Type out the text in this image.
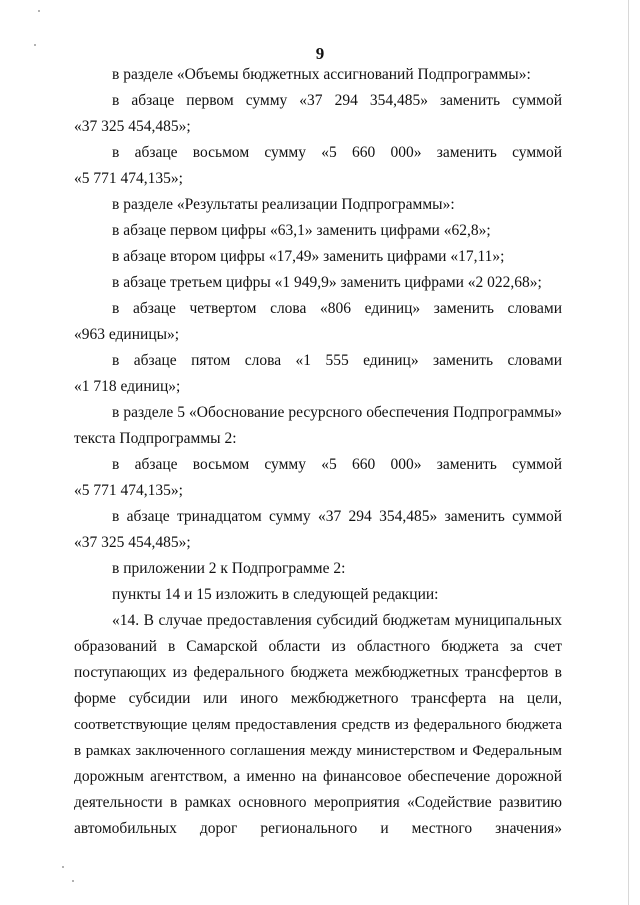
9
в разделе «Объемы бюджетных ассигнований Подпрограммы»:
в абзаце первом сумму «37 294 354,485» заменить суммой
«37 325 454,485»;
в абзаце восьмом сумму «5 660 000» заменить суммой
«5 771 474,135»;
в разделе «Результаты реализации Подпрограммы»:
в абзаце первом цифры «63,1» заменить цифрами «62,8»;
в абзаце втором цифры «17,49» заменить цифрами «17,11»;
в абзаце третьем цифры «1 949,9» заменить цифрами «2 022,68»;
в абзаце четвертом слова «806 единиц» заменить словами
«963 единицы»;
в абзаце пятом слова «1 555 единиц» заменить словами
«1 718 единиц»;
в разделе 5 «Обоснование ресурсного обеспечения Подпрограммы»
текста Подпрограммы 2:
в абзаце восьмом сумму «5 660 000» заменить суммой
«5 771 474,135»;
в абзаце тринадцатом сумму «37 294 354,485» заменить суммой
«37 325 454,485»;
в приложении 2 к Подпрограмме 2:
пункты 14 и 15 изложить в следующей редакции:
«14. В случае предоставления субсидий бюджетам муниципальных
образований в Самарской области из областного бюджета за счет
поступающих из федерального бюджета межбюджетных трансфертов в
форме субсидии или иного межбюджетного трансферта на цели,
соответствующие целям предоставления средств из федерального бюджета
в рамках заключенного соглашения между министерством и Федеральным
дорожным агентством, а именно на финансовое обеспечение дорожной
деятельности в рамках основного мероприятия «Содействие развитию
автомобильных дорог регионального и местного значения»
